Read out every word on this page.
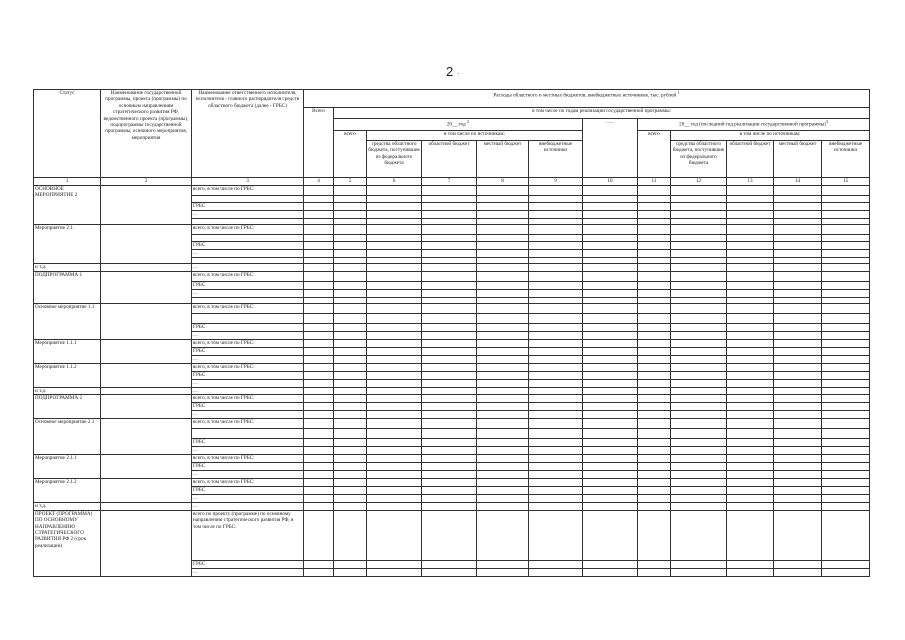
2 ·
Статус	Наименование государственной программы, проекта (программы) по основным направлениям стратегического развития РФ, ведомственного проекта (программы), подпрограммы государственной программы, основного мероприятия, мероприятия	Наименование ответственного исполнителя, исполнителя - главного распорядителя средств областного бюджета (далее - ГРБС)	Расходы областного и местных бюджетов, внебюджетных источников, тыс. рублей $^1$
			Всего	в том числе по годам реализации государственной программы:										
				20__ год $^2$					......	20__ год (последний год реализации государственной программы)$^3$
				всего	в том числе по источникам:					всего	в том числе по источникам:			
					средства областного бюджета, поступившие из федерального бюджета	областной бюджет	местный бюджет	внебюджетные источники			средства областного бюджета, поступившие из федерального бюджета	областной бюджет	местный бюджет	внебюджетные источники
1	2	3	4	5	6	7	8	9	10	11	12	13	14	15
ОСНОВНОЕ МЕРОПРИЯТИЕ 2		всего, в том числе по ГРБС:												

		ГРБС												
		...												

Мероприятие 2.1.		всего, в том числе по ГРБС:												

		ГРБС												
		...												

и т.д.		...												
ПОДПРОГРАММА 1		всего, в том числе по ГРБС:												
		ГРБС												
		...												

Основное мероприятие 1.1		всего, в том числе по ГРБС:												

		ГРБС												
		...												
Мероприятие 1.1.1		всего, в том числе по ГРБС:												
		ГРБС												
		...												
Мероприятие 1.1.2		всего, в том числе по ГРБС:												
		ГРБС												
		...												
и т.д.		...												
ПОДПРОГРАММА 2		всего, в том числе по ГРБС:												
		ГРБС												
		...												
Основное мероприятие 2.1		всего, в том числе по ГРБС:												

		ГРБС												
		...												
Мероприятие 2.1.1		всего, в том числе по ГРБС:												
		ГРБС												
		...												
Мероприятие 2.1.2		всего, в том числе по ГРБС:												
		ГРБС												
		...												
и т.д.		...												
ПРОЕКТ (ПРОГРАММА) ПО ОСНОВНОМУ НАПРАВЛЕНИЮ СТРАТЕГИЧЕСКОГО РАЗВИТИЯ РФ 2 (срок реализации)		всего по проекту (программе) по основному направлению стратегического развития РФ, в том числе по ГРБС:												
		ГРБС												
		...												
